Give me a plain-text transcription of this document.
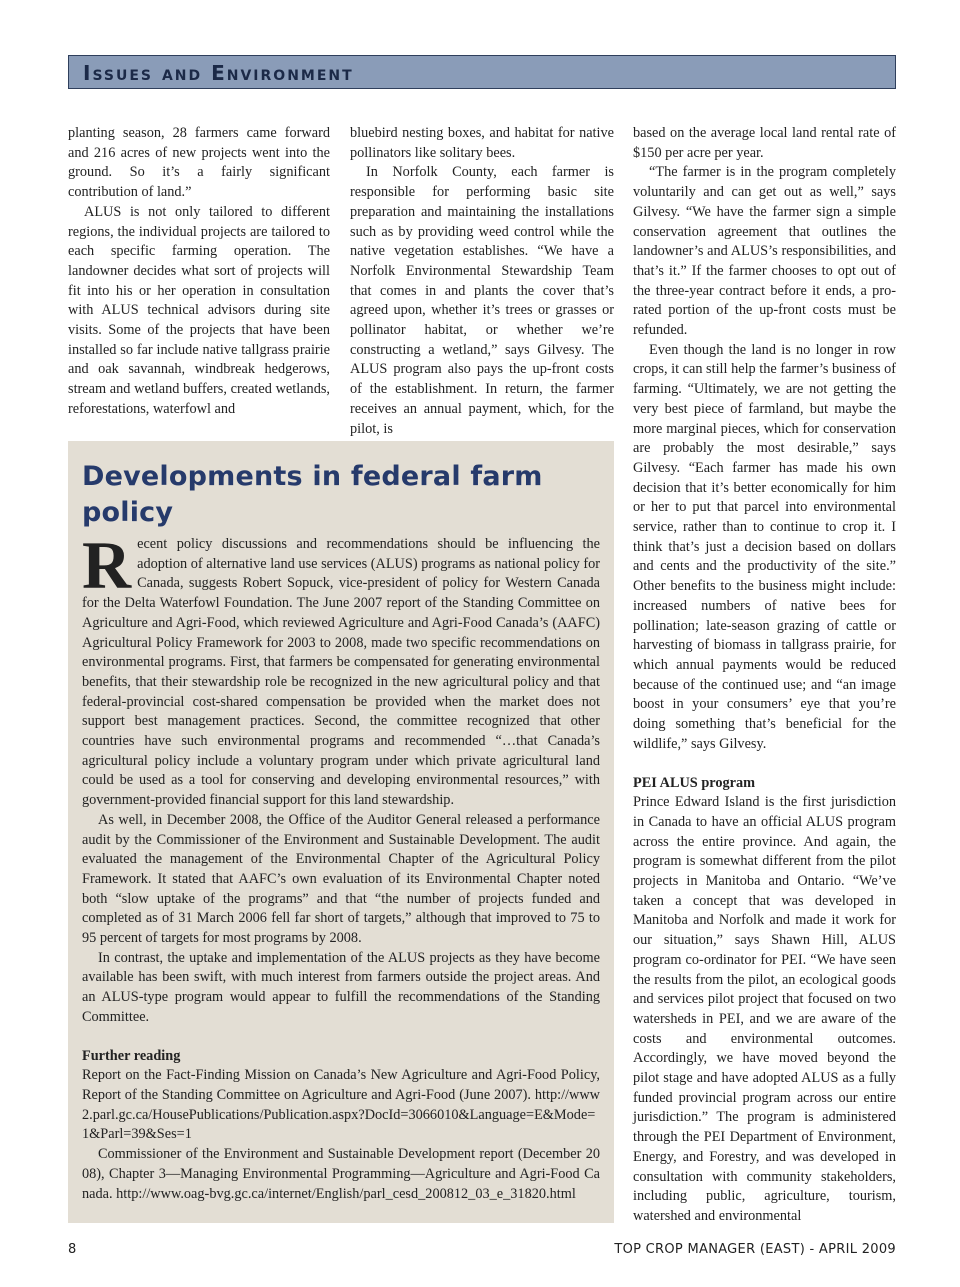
Issues and Environment

planting season, 28 farmers came forward and 216 acres of new projects went into the ground. So it’s a fairly significant contribution of land.”

ALUS is not only tailored to different regions, the individual projects are tailored to each specific farming operation. The landowner decides what sort of projects will fit into his or her operation in consultation with ALUS technical advisors during site visits. Some of the projects that have been installed so far include native tallgrass prairie and oak savannah, windbreak hedgerows, stream and wetland buffers, created wetlands, reforestations, waterfowl and

bluebird nesting boxes, and habitat for native pollinators like solitary bees.

In Norfolk County, each farmer is responsible for performing basic site preparation and maintaining the installations such as by providing weed control while the native vegetation establishes. “We have a Norfolk Environmental Stewardship Team that comes in and plants the cover that’s agreed upon, whether it’s trees or grasses or pollinator habitat, or whether we’re constructing a wetland,” says Gilvesy. The ALUS program also pays the up-front costs of the establishment. In return, the farmer receives an annual payment, which, for the pilot, is

based on the average local land rental rate of $150 per acre per year.

“The farmer is in the program completely voluntarily and can get out as well,” says Gilvesy. “We have the farmer sign a simple conservation agreement that outlines the landowner’s and ALUS’s responsibilities, and that’s it.” If the farmer chooses to opt out of the three-year contract before it ends, a pro-rated portion of the up-front costs must be refunded.

Even though the land is no longer in row crops, it can still help the farmer’s business of farming. “Ultimately, we are not getting the very best piece of farmland, but maybe the more marginal pieces, which for conservation are probably the most desirable,” says Gilvesy. “Each farmer has made his own decision that it’s better economically for him or her to put that parcel into environmental service, rather than to continue to crop it. I think that’s just a decision based on dollars and cents and the productivity of the site.” Other benefits to the business might include: increased numbers of native bees for pollination; late-season grazing of cattle or harvesting of biomass in tallgrass prairie, for which annual payments would be reduced because of the continued use; and “an image boost in your consumers’ eye that you’re doing something that’s beneficial for the wildlife,” says Gilvesy.

PEI ALUS program

Prince Edward Island is the first jurisdiction in Canada to have an official ALUS program across the entire province. And again, the program is somewhat different from the pilot projects in Manitoba and Ontario. “We’ve taken a concept that was developed in Manitoba and Norfolk and made it work for our situation,” says Shawn Hill, ALUS program co-ordinator for PEI. “We have seen the results from the pilot, an ecological goods and services pilot project that focused on two watersheds in PEI, and we are aware of the costs and environmental outcomes. Accordingly, we have moved beyond the pilot stage and have adopted ALUS as a fully funded provincial program across our entire jurisdiction.” The program is administered through the PEI Department of Environment, Energy, and Forestry, and was developed in consultation with community stakeholders, including public, agriculture, tourism, watershed and environmental

Developments in federal farm policy

Recent policy discussions and recommendations should be influencing the adoption of alternative land use services (ALUS) programs as national policy for Canada, suggests Robert Sopuck, vice-president of policy for Western Canada for the Delta Waterfowl Foundation. The June 2007 report of the Standing Committee on Agriculture and Agri-Food, which reviewed Agriculture and Agri-Food Canada’s (AAFC) Agricultural Policy Framework for 2003 to 2008, made two specific recommendations on environmental programs. First, that farmers be compensated for generating environmental benefits, that their stewardship role be recognized in the new agricultural policy and that federal-provincial cost-shared compensation be provided when the market does not support best management practices. Second, the committee recognized that other countries have such environmental programs and recommended “…that Canada’s agricultural policy include a voluntary program under which private agricultural land could be used as a tool for conserving and developing environmental resources,” with government-provided financial support for this land stewardship.

As well, in December 2008, the Office of the Auditor General released a performance audit by the Commissioner of the Environment and Sustainable Development. The audit evaluated the management of the Environmental Chapter of the Agricultural Policy Framework. It stated that AAFC’s own evaluation of its Environmental Chapter noted both “slow uptake of the programs” and that “the number of projects funded and completed as of 31 March 2006 fell far short of targets,” although that improved to 75 to 95 percent of targets for most programs by 2008.

In contrast, the uptake and implementation of the ALUS projects as they have become available has been swift, with much interest from farmers outside the project areas. And an ALUS-type program would appear to fulfill the recommendations of the Standing Committee.

Further reading

Report on the Fact-Finding Mission on Canada’s New Agriculture and Agri-Food Policy, Report of the Standing Committee on Agriculture and Agri-Food (June 2007). http://www2.parl.gc.ca/HousePublications/Publication.aspx?DocId=3066010&Language=E&Mode=1&Parl=39&Ses=1

Commissioner of the Environment and Sustainable Development report (December 2008), Chapter 3—Managing Environmental Programming—Agriculture and Agri-Food Canada. http://www.oag-bvg.gc.ca/internet/English/parl_cesd_200812_03_e_31820.html

8	TOP CROP MANAGER (EAST) - APRIL 2009
